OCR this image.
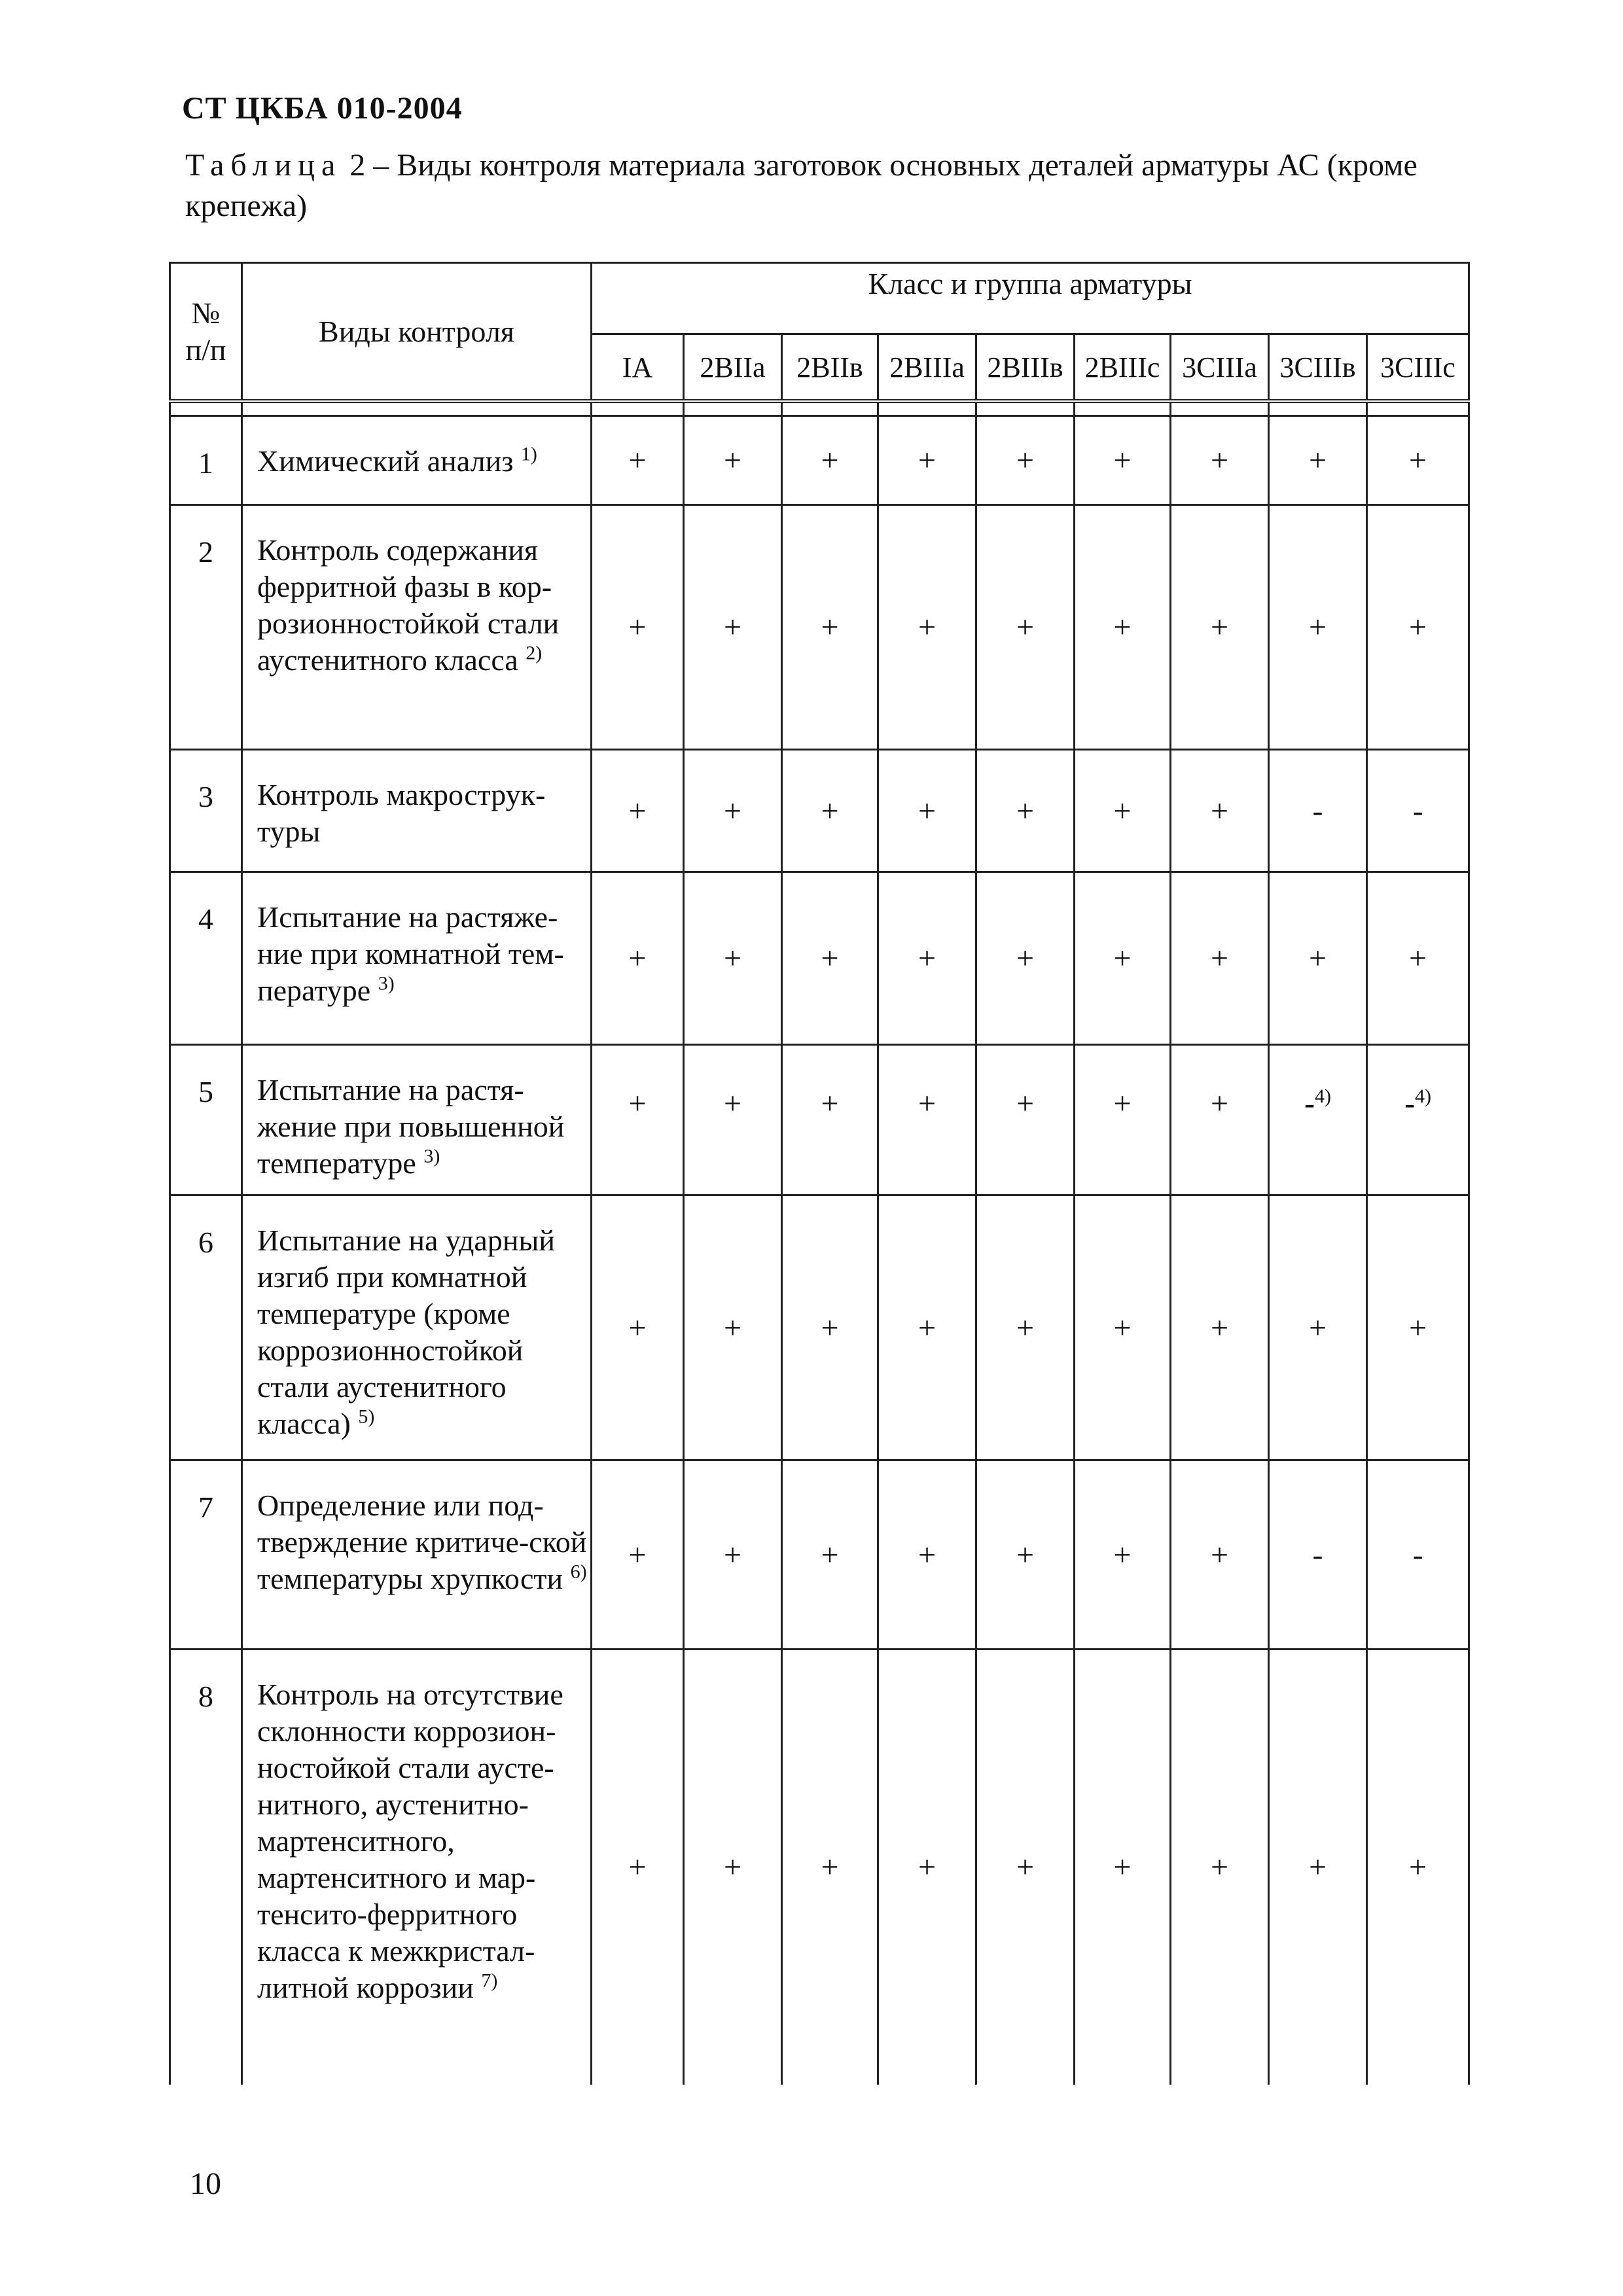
СТ ЦКБА 010-2004
Таблица 2 – Виды контроля материала заготовок основных деталей арматуры АС (кроме крепежа)
№
п/п	Виды контроля	Класс и группа арматуры								
		IA	2ВIIa	2ВIIв	2ВIIIa	2ВIIIв	2ВIIIc	3СIIIa	3СIIIв	3СIIIc

1	Химический анализ $^{1)}$	+	+	+	+	+	+	+	+	+
2	Контроль содержания ферритной фазы в кор-розионностойкой стали аустенитного класса $^{2)}$	+	+	+	+	+	+	+	+	+
3	Контроль макрострук-туры	+	+	+	+	+	+	+	-	-
4	Испытание на растяже-ние при комнатной тем-пературе $^{3)}$	+	+	+	+	+	+	+	+	+
5	Испытание на растя-жение при повышенной температуре $^{3)}$	+	+	+	+	+	+	+	-$^{4)}$	-$^{4)}$
6	Испытание на ударный изгиб при комнатной температуре (кроме коррозионностойкой стали аустенитного класса) $^{5)}$	+	+	+	+	+	+	+	+	+
7	Определение или под-тверждение критиче-ской температуры хрупкости $^{6)}$	+	+	+	+	+	+	+	-	-
8	Контроль на отсутствие склонности коррозион-ностойкой стали аусте-нитного, аустенитно-мартенситного, мартенситного и мар-тенсито-ферритного класса к межкристал-литной коррозии $^{7)}$	+	+	+	+	+	+	+	+	+
10
